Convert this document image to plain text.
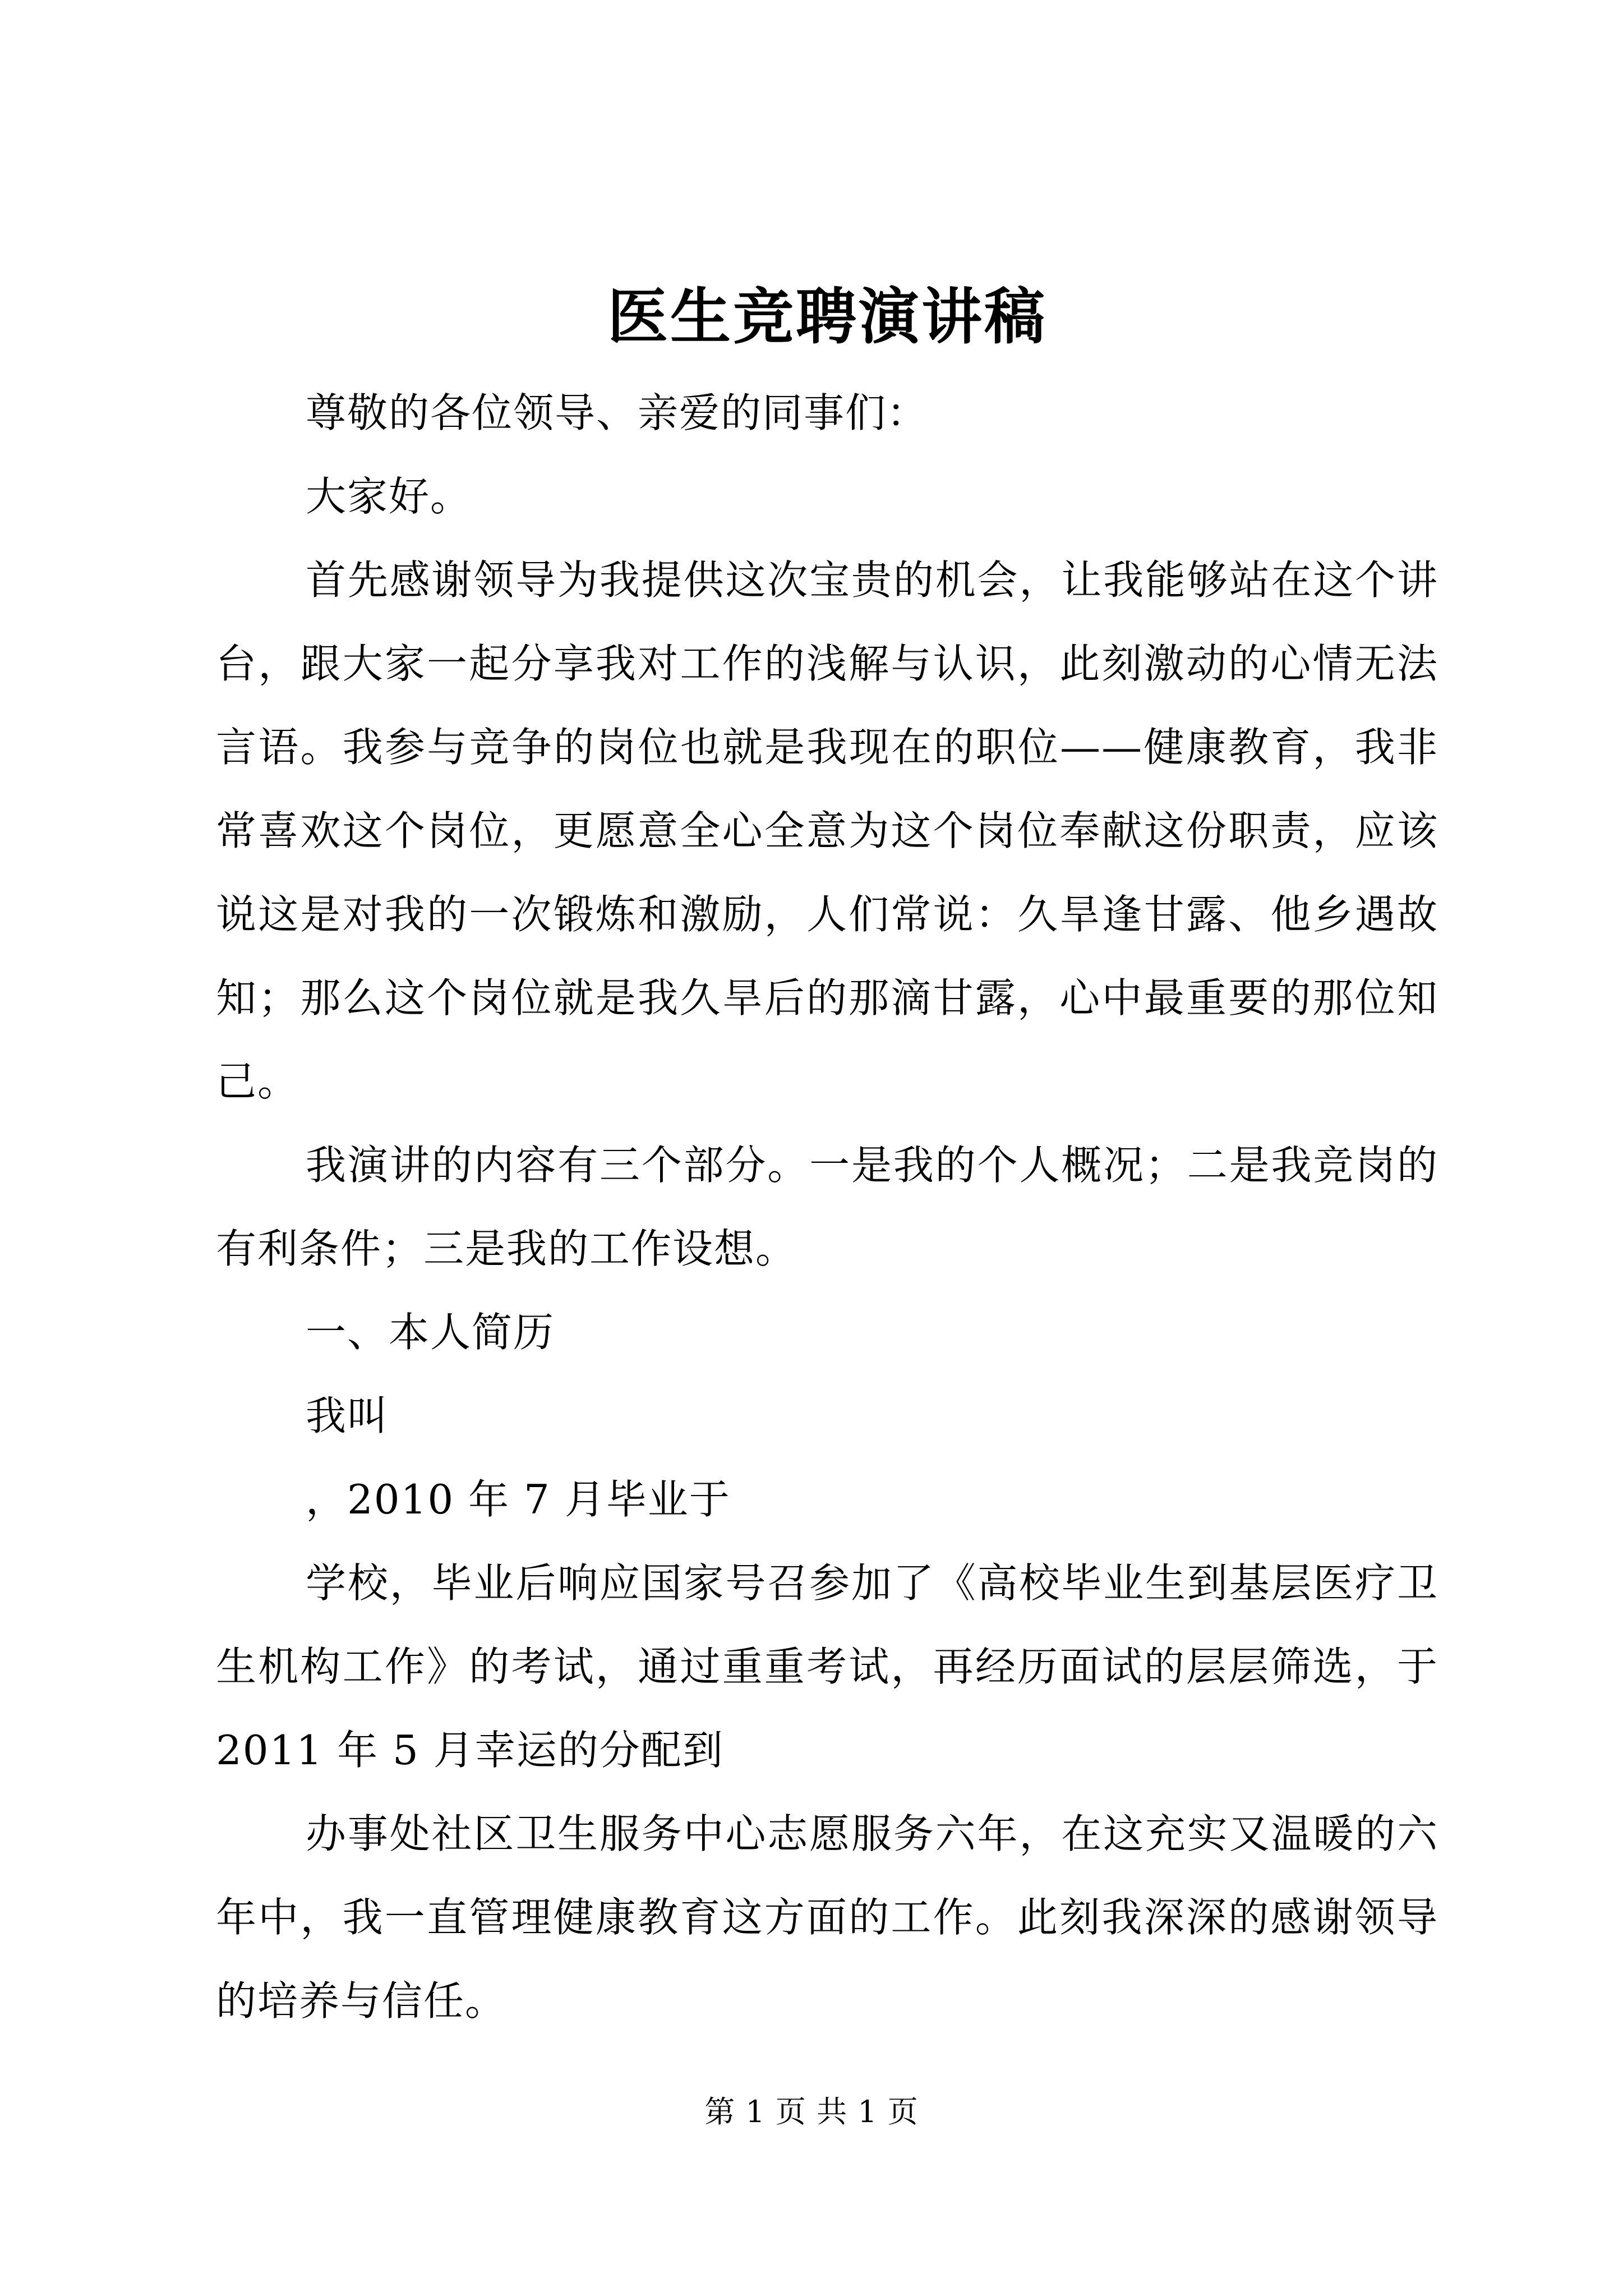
医生竞聘演讲稿

尊敬的各位领导、亲爱的同事们：

大家好。

首先感谢领导为我提供这次宝贵的机会，让我能够站在这个讲台，跟大家一起分享我对工作的浅解与认识，此刻激动的心情无法言语。我参与竞争的岗位也就是我现在的职位——健康教育，我非常喜欢这个岗位，更愿意全心全意为这个岗位奉献这份职责，应该说这是对我的一次锻炼和激励，人们常说：久旱逢甘露、他乡遇故知；那么这个岗位就是我久旱后的那滴甘露，心中最重要的那位知己。

我演讲的内容有三个部分。一是我的个人概况；二是我竞岗的有利条件；三是我的工作设想。

一、本人简历

我叫

，2010 年 7 月毕业于

学校，毕业后响应国家号召参加了《高校毕业生到基层医疗卫生机构工作》的考试，通过重重考试，再经历面试的层层筛选，于 2011 年 5 月幸运的分配到

办事处社区卫生服务中心志愿服务六年，在这充实又温暖的六年中，我一直管理健康教育这方面的工作。此刻我深深的感谢领导的培养与信任。

第 1 页 共 1 页
